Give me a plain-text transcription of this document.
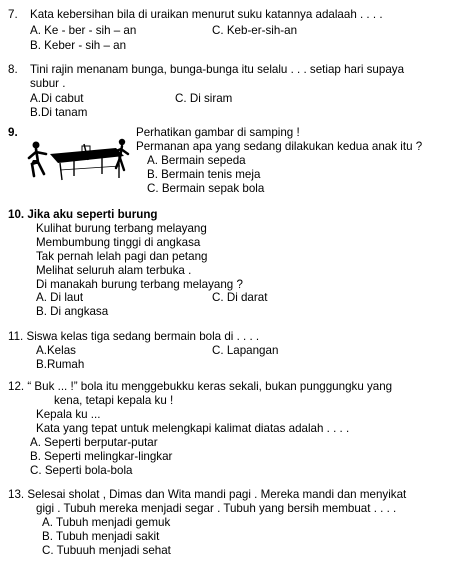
7. Kata kebersihan bila di uraikan menurut suku katannya adalaah . . . .
A. Ke - ber - sih – an	C. Keb-er-sih-an
B. Keber - sih – an
8. Tini rajin menanam bunga, bunga-bunga itu selalu . . . setiap hari supaya
subur .
A.Di cabut	C. Di siram
B.Di tanam
9.	Perhatikan gambar di samping !
Permanan apa yang sedang dilakukan kedua anak itu ?
A. Bermain sepeda
B. Bermain tenis meja
C. Bermain sepak bola
10. Jika aku seperti burung
Kulihat burung terbang melayang
Membumbung tinggi di angkasa
Tak pernah lelah pagi dan petang
Melihat seluruh alam terbuka .
Di manakah burung terbang melayang ?
A. Di laut	C. Di darat
B. Di angkasa
11. Siswa kelas tiga sedang bermain bola di . . . .
A.Kelas	C. Lapangan
B.Rumah
12. “ Buk ... !” bola itu menggebukku keras sekali, bukan punggungku yang
kena, tetapi kepala ku !
Kepala ku ...
Kata yang tepat untuk melengkapi kalimat diatas adalah . . . .
A. Seperti berputar-putar
B. Seperti melingkar-lingkar
C. Seperti bola-bola
13. Selesai sholat , Dimas dan Wita mandi pagi . Mereka mandi dan menyikat
gigi . Tubuh mereka menjadi segar . Tubuh yang bersih membuat . . . .
A. Tubuh menjadi gemuk
B. Tubuh menjadi sakit
C. Tubuuh menjadi sehat
